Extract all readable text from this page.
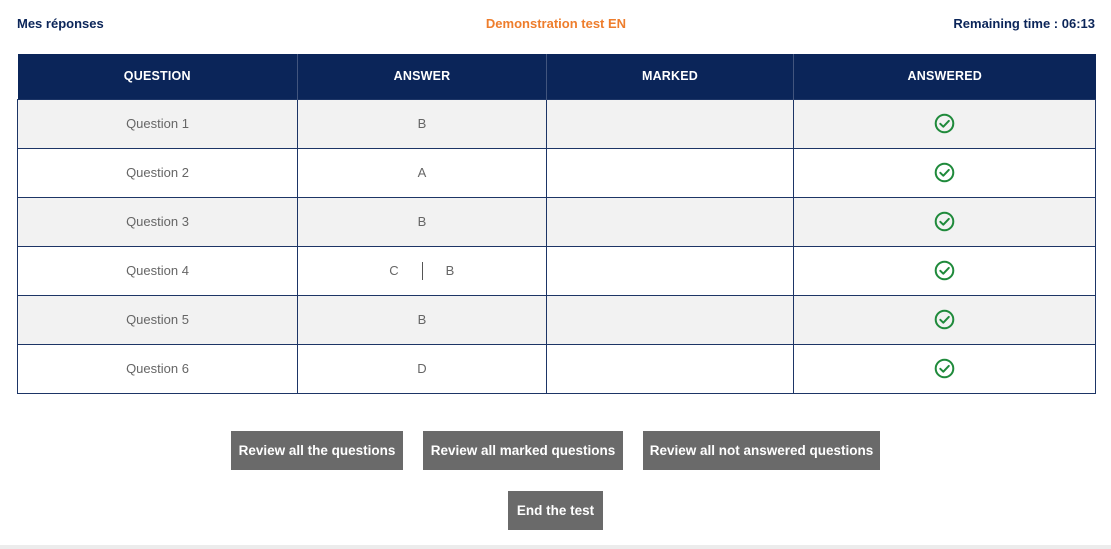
Mes réponses	Demonstration test EN	Remaining time : 06:13
QUESTION	ANSWER	MARKED	ANSWERED
Question 1	B		
Question 2	A		
Question 3	B		
Question 4	C B

Question 5	B		
Question 6	D		
Review all the questions	Review all marked questions	Review all not answered questions
End the test
